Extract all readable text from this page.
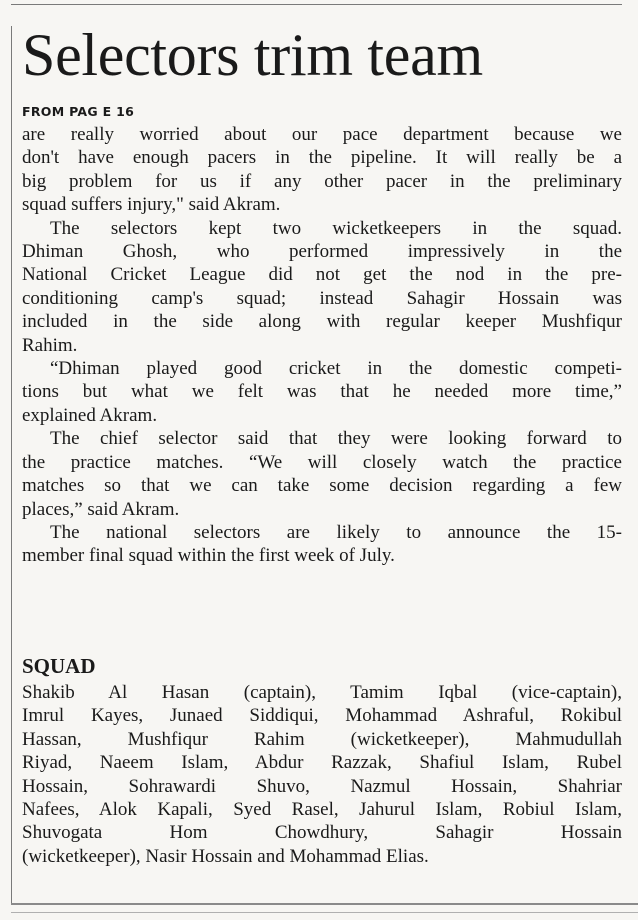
Selectors trim team
FROM PAG E 16

are really worried about our pace department because we
don't have enough pacers in the pipeline. It will really be a
big problem for us if any other pacer in the preliminary
squad suffers injury," said Akram.

The selectors kept two wicketkeepers in the squad.
Dhiman Ghosh, who performed impressively in the
National Cricket League did not get the nod in the pre-
conditioning camp's squad; instead Sahagir Hossain was
included in the side along with regular keeper Mushfiqur
Rahim.

“Dhiman played good cricket in the domestic competi-
tions but what we felt was that he needed more time,”
explained Akram.

The chief selector said that they were looking forward to
the practice matches. “We will closely watch the practice
matches so that we can take some decision regarding a few
places,” said Akram.

The national selectors are likely to announce the 15-
member final squad within the first week of July.

SQUAD
Shakib Al Hasan (captain), Tamim Iqbal (vice-captain),
Imrul Kayes, Junaed Siddiqui, Mohammad Ashraful, Rokibul
Hassan, Mushfiqur Rahim (wicketkeeper), Mahmudullah
Riyad, Naeem Islam, Abdur Razzak, Shafiul Islam, Rubel
Hossain, Sohrawardi Shuvo, Nazmul Hossain, Shahriar
Nafees, Alok Kapali, Syed Rasel, Jahurul Islam, Robiul Islam,
Shuvogata Hom Chowdhury, Sahagir Hossain
(wicketkeeper), Nasir Hossain and Mohammad Elias.
